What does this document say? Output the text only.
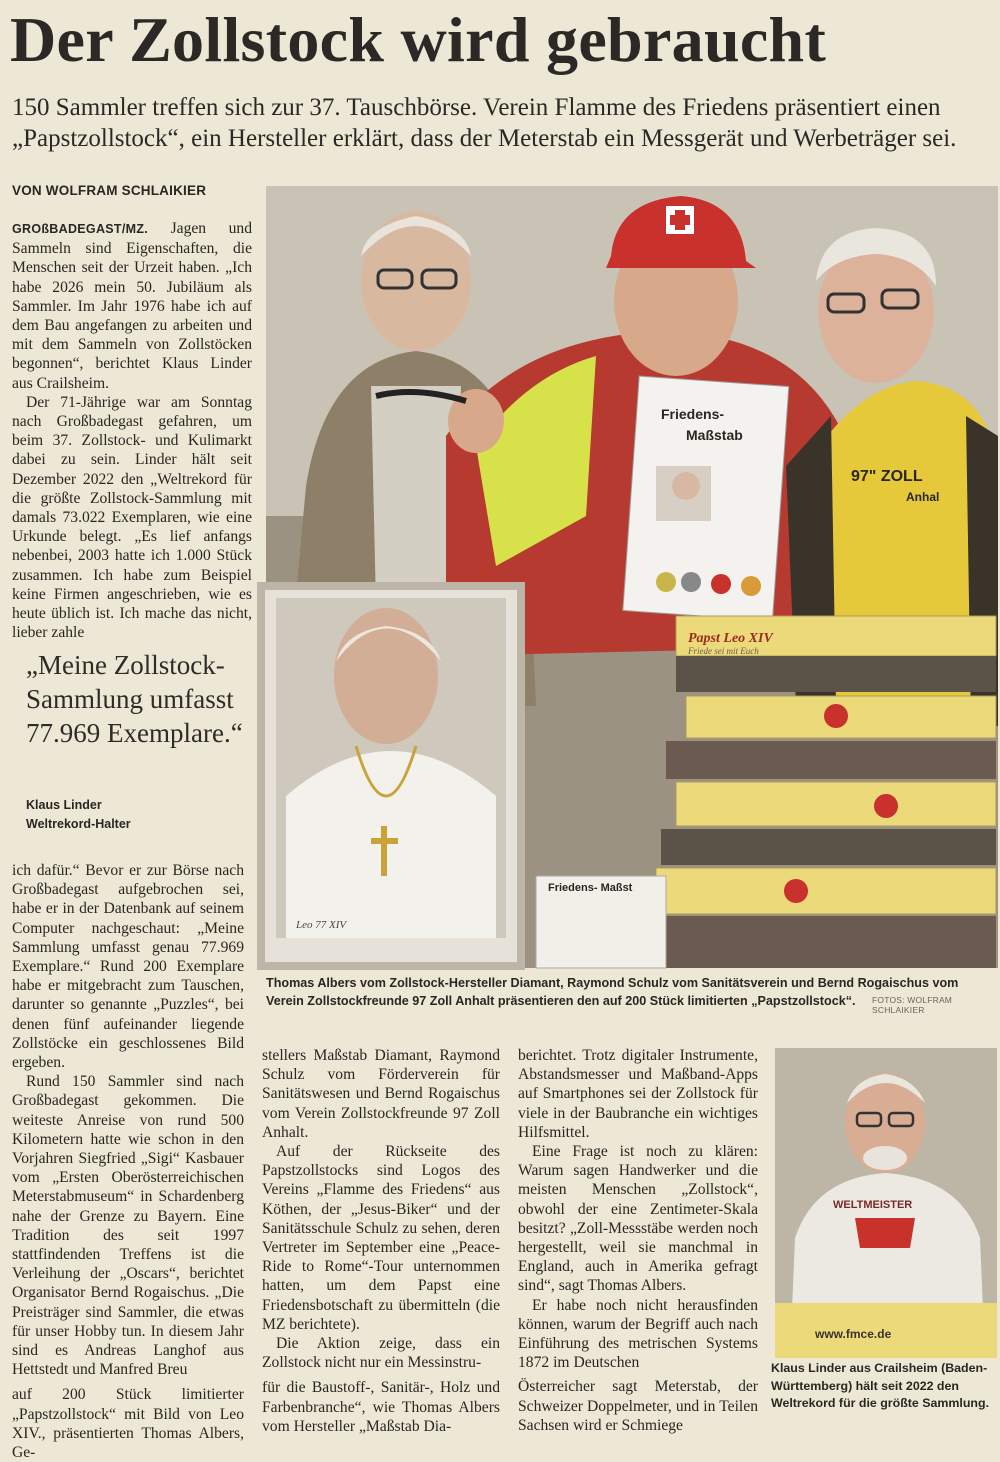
Der Zollstock wird gebraucht
150 Sammler treffen sich zur 37. Tauschbörse. Verein Flamme des Friedens präsentiert einen „Papstzollstock“, ein Hersteller erklärt, dass der Meterstab ein Messgerät und Werbeträger sei.
VON WOLFRAM SCHLAIKIER

GROßBADEGAST/MZ. Jagen und Sammeln sind Eigenschaften, die Menschen seit der Urzeit haben. „Ich habe 2026 mein 50. Jubiläum als Sammler. Im Jahr 1976 habe ich auf dem Bau angefangen zu arbeiten und mit dem Sammeln von Zollstöcken begonnen“, berichtet Klaus Linder aus Crailsheim.

Der 71-Jährige war am Sonntag nach Großbadegast gefahren, um beim 37. Zollstock- und Kulimarkt dabei zu sein. Linder hält seit Dezember 2022 den „Weltrekord für die größte Zollstock-Sammlung mit damals 73.022 Exemplaren, wie eine Urkunde belegt. „Es lief anfangs nebenbei, 2003 hatte ich 1.000 Stück zusammen. Ich habe zum Beispiel keine Firmen angeschrieben, wie es heute üblich ist. Ich mache das nicht, lieber zahle

„Meine Zollstock-Sammlung umfasst 77.969 Exemplare.“
Klaus Linder
Weltrekord-Halter

ich dafür.“ Bevor er zur Börse nach Großbadegast aufgebrochen sei, habe er in der Datenbank auf seinem Computer nachgeschaut: „Meine Sammlung umfasst genau 77.969 Exemplare.“ Rund 200 Exemplare habe er mitgebracht zum Tauschen, darunter so genannte „Puzzles“, bei denen fünf aufeinander liegende Zollstöcke ein geschlossenes Bild ergeben.

Rund 150 Sammler sind nach Großbadegast gekommen. Die weiteste Anreise von rund 500 Kilometern hatte wie schon in den Vorjahren Siegfried „Sigi“ Kasbauer vom „Ersten Oberösterreichischen Meterstabmuseum“ in Schardenberg nahe der Grenze zu Bayern. Eine Tradition des seit 1997 stattfindenden Treffens ist die Verleihung der „Oscars“, berichtet Organisator Bernd Rogaischus. „Die Preisträger sind Sammler, die etwas für unser Hobby tun. In diesem Jahr sind es Andreas Langhof aus Hettstedt und Manfred Breu

auf 200 Stück limitierter „Papstzollstock“ mit Bild von Leo XIV., präsentierten Thomas Albers, Ge-

stellers Maßstab Diamant, Raymond Schulz vom Förderverein für Sanitätswesen und Bernd Rogaischus vom Verein Zollstockfreunde 97 Zoll Anhalt.

Auf der Rückseite des Papstzollstocks sind Logos des Vereins „Flamme des Friedens“ aus Köthen, der „Jesus-Biker“ und der Sanitätsschule Schulz zu sehen, deren Vertreter im September eine „Peace-Ride to Rome“-Tour unternommen hatten, um dem Papst eine Friedensbotschaft zu übermitteln (die MZ berichtete).

Die Aktion zeige, dass ein Zollstock nicht nur ein Messinstru-

für die Baustoff-, Sanitär-, Holz und Farbenbranche“, wie Thomas Albers vom Hersteller „Maßstab Dia-

berichtet. Trotz digitaler Instrumente, Abstandsmesser und Maßband-Apps auf Smartphones sei der Zollstock für viele in der Baubranche ein wichtiges Hilfsmittel.

Eine Frage ist noch zu klären: Warum sagen Handwerker und die meisten Menschen „Zollstock“, obwohl der eine Zentimeter-Skala besitzt? „Zoll-Messstäbe werden noch hergestellt, weil sie manchmal in England, auch in Amerika gefragt sind“, sagt Thomas Albers.

Er habe noch nicht herausfinden können, warum der Begriff auch nach Einführung des metrischen Systems 1872 im Deutschen

Österreicher sagt Meterstab, der Schweizer Doppelmeter, und in Teilen Sachsen wird er Schmiege

Friedens-
Maßstab
97" ZOLL
Anhal
Leo 77 XIV
Papst Leo XIV
Friede sei mit Euch
Friedens- Maßst
Thomas Albers vom Zollstock-Hersteller Diamant, Raymond Schulz vom Sanitätsverein und Bernd Rogaischus vom Verein Zollstockfreunde 97 Zoll Anhalt präsentieren den auf 200 Stück limitierten „Papstzollstock“.	FOTOS: WOLFRAM SCHLAIKIER
WELTMEISTER
www.fmce.de
Klaus Linder aus Crailsheim (Baden-Württemberg) hält seit 2022 den Weltrekord für die größte Sammlung.
